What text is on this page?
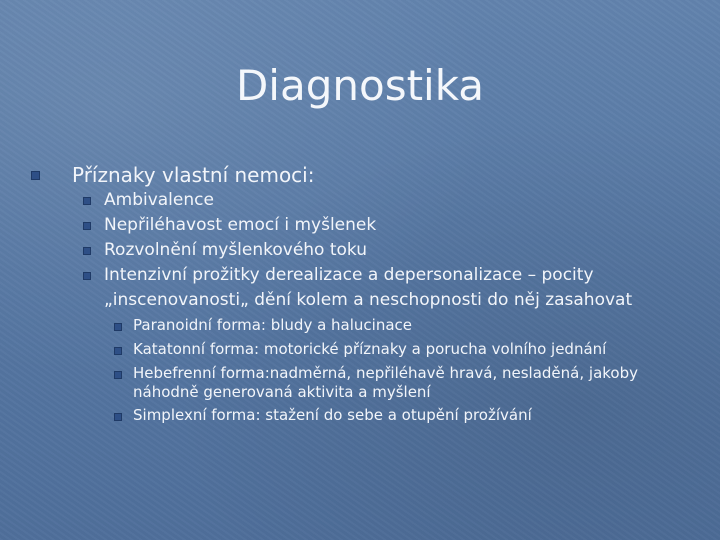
Diagnostika
Příznaky vlastní nemoci:
Ambivalence
Nepřiléhavost emocí i myšlenek
Rozvolnění myšlenkového toku
Intenzivní prožitky derealizace a depersonalizace – pocity
„inscenovanosti„ dění kolem a neschopnosti do něj zasahovat
Paranoidní forma: bludy a halucinace
Katatonní forma: motorické příznaky a porucha volního jednání
Hebefrenní forma:nadměrná, nepřiléhavě hravá, nesladěná, jakoby
náhodně generovaná aktivita a myšlení
Simplexní forma: stažení do sebe a otupění prožívání
